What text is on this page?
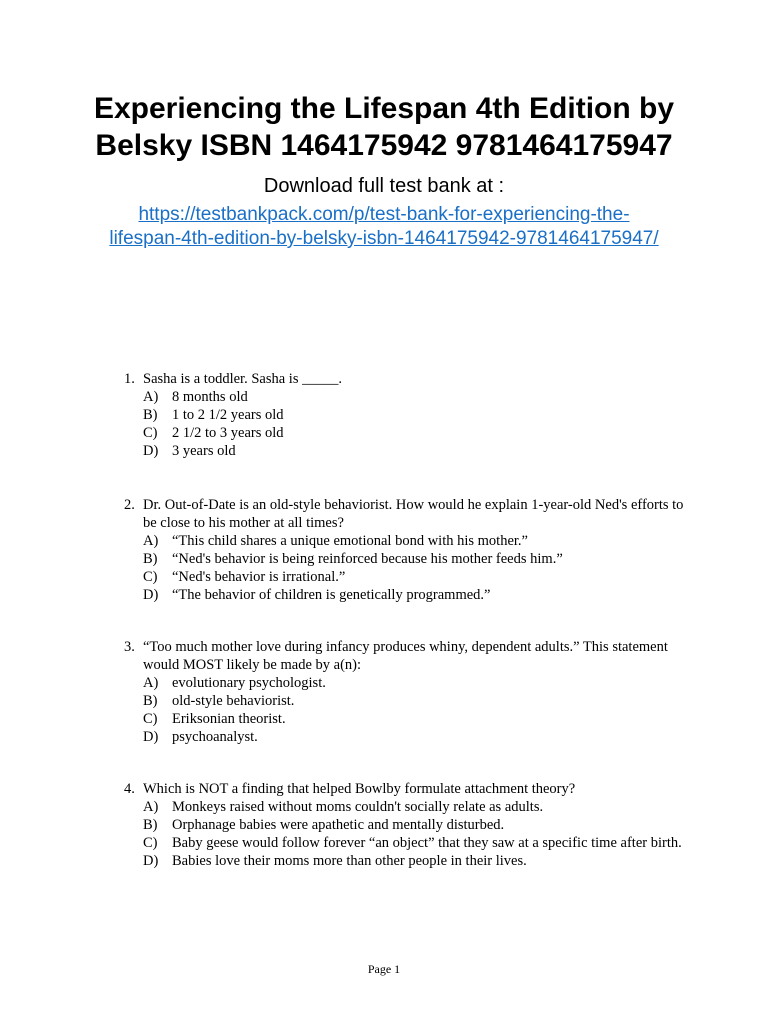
Experiencing the Lifespan 4th Edition by
Belsky ISBN 1464175942 9781464175947

Download full test bank at :

https://testbankpack.com/p/test-bank-for-experiencing-the-
lifespan-4th-edition-by-belsky-isbn-1464175942-9781464175947/
1. Sasha is a toddler. Sasha is _____.
A) 8 months old
B)	1 to 2 1/2 years old
C)	2 1/2 to 3 years old
D) 3 years old
2. Dr. Out-of-Date is an old-style behaviorist. How would he explain 1-year-old Ned's efforts to be close to his mother at all times?
A) “This child shares a unique emotional bond with his mother.”
B)	“Ned's behavior is being reinforced because his mother feeds him.”
C)	“Ned's behavior is irrational.”
D) “The behavior of children is genetically programmed.”
3. “Too much mother love during infancy produces whiny, dependent adults.” This statement would MOST likely be made by a(n):
A) evolutionary psychologist.
B)	old-style behaviorist.
C)	Eriksonian theorist.
D) psychoanalyst.
4. Which is NOT a finding that helped Bowlby formulate attachment theory?
A) Monkeys raised without moms couldn't socially relate as adults.
B)	Orphanage babies were apathetic and mentally disturbed.
C)	Baby geese would follow forever “an object” that they saw at a specific time after birth.
D) Babies love their moms more than other people in their lives.
Page 1
